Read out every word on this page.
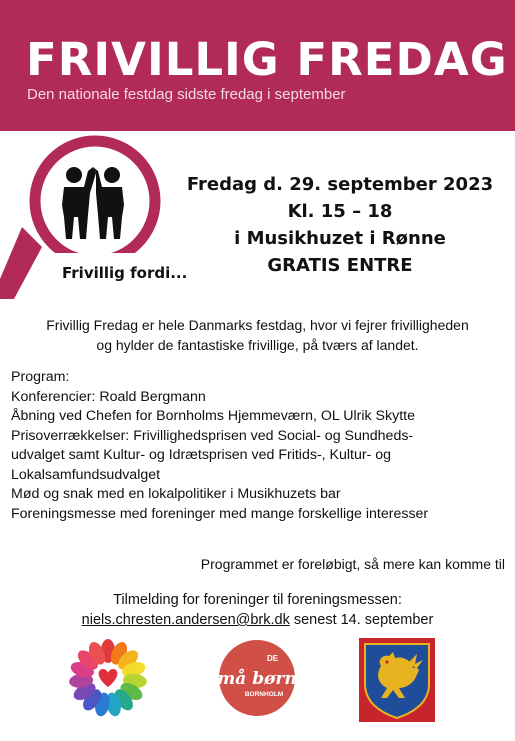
FRIVILLIG FREDAG
Den nationale festdag sidste fredag i september
Frivillig fordi...
Fredag d. 29. september 2023
Kl. 15 – 18
i Musikhuzet i Rønne
GRATIS ENTRE
Frivillig Fredag er hele Danmarks festdag, hvor vi fejrer frivilligheden
og hylder de fantastiske frivillige, på tværs af landet.
Program:
Konferencier: Roald Bergmann
Åbning ved Chefen for Bornholms Hjemmeværn, OL Ulrik Skytte
Prisoverrækkelser: Frivillighedsprisen ved Social- og Sundheds-
udvalget samt Kultur- og Idrætsprisen ved Fritids-, Kultur- og
Lokalsamfundsudvalget
Mød og snak med en lokalpolitiker i Musikhuzets bar
Foreningsmesse med foreninger med mange forskellige interesser
Programmet er foreløbigt, så mere kan komme til
Tilmelding for foreninger til foreningsmessen:
niels.chresten.andersen@brk.dk senest 14. september
DE
små børns
BORNHOLM
